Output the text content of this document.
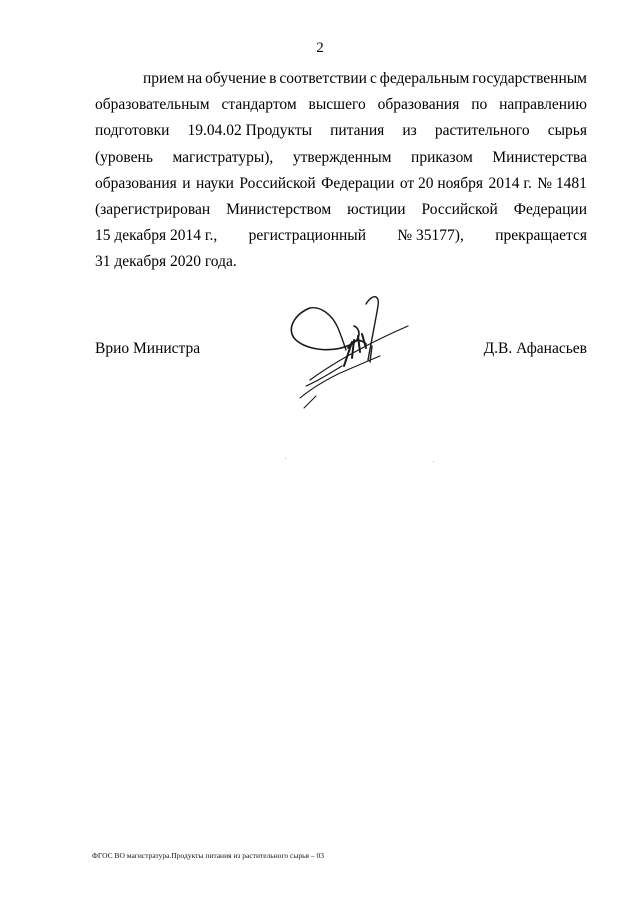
2
прием на обучение в соответствии с федеральным государственным
образовательным стандартом высшего образования по направлению
подготовки 19.04.02 Продукты питания из растительного сырья
(уровень магистратуры), утвержденным приказом Министерства
образования и науки Российской Федерации от 20 ноября 2014 г. № 1481
(зарегистрирован Министерством юстиции Российской Федерации
15 декабря 2014 г., регистрационный № 35177), прекращается
31 декабря 2020 года.
Врио Министра	Д.В. Афанасьев
ФГОС ВО магистратура.Продукты питания из растительного сырья – 03
